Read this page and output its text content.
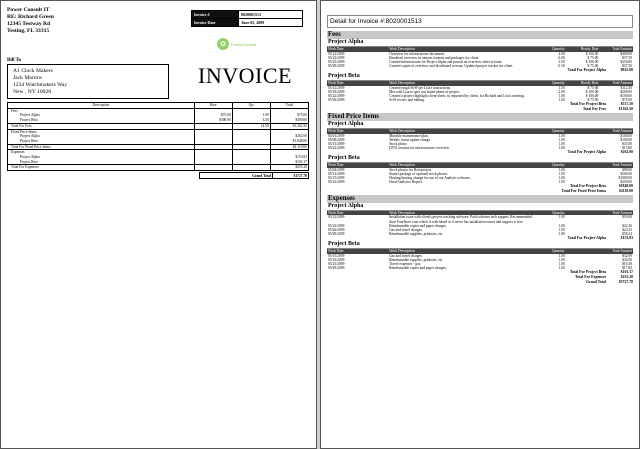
Power Consult IT
RE: Richard Green
12345 Testway Rd
Testing, FL 33315
Invoice #	8020001513
Invoice Date	June 02, 2009
✿	PowerConsult
Bill To
A1 Clock Makers
Jack Marrow
1234 Watchmakers Way
New , NY 10028
INVOICE
Description	Rate	Qty	Total
Fees			
Project Alpha	$75.00	1.00	$75.00
Project Beta	$300.00	3.50	$300.00
Total For Fees		14.50	$1,362.50
Fixed Price Items			
Project Alpha			$262.00
Project Beta			$1,848.00
Total For Fixed Price Items			$2,110.00
Expenses			
Project Alpha			$153.83
Project Beta			$101.37
Total For Expenses			$255.20
Grand Total	$3727.70
Detail for Invoice #:8020001513
Fees
Project Alpha
Work Date	Work Description	Quantity	Hourly Rate	Total Amount
05/12/2009	Overview for infrastructure document.	4.00	$ 100.00	$400.00
05/22/2009	Rendered overview in various formats and packages for client	6.00	$ 75.00	$37.50
05/25/2009	Created infrastructure for Project Alpha and passed on overview sheet to team.	3.50	$ 100.00	$350.00
05/29/2009	Created copies of overview and distributed to team. Updated project tracker for client.	0.50	$ 75.00	$37.50
Total For Project Alpha	$825.00
Project Beta
Work Date	Work Description	Quantity	Hourly Rate	Total Amount
05/12/2009	Created rough SoW per Lisa's instructions.	1.50	$ 75.00	$112.50
05/18/2009	Met with Lisa to spec out future phase of project.	2.00	$ 100.00	$200.00
05/22/2009	Created a project highlight client-sheet, as requested by client, for Richard and Lisa's meeting.	1.00	$ 100.00	$100.00
05/30/2009	SoW review and editing.	1.00	$ 75.00	$75.00
Total For Project Beta	$537.50
Total For Fees	$1362.50
Fixed Price Items
Project Alpha
Work Date	Work Description	Quantity		Total Amount
05/01/2009	Monthly maintenance plan.	1.00		$100.00
05/08/2009	Weekly status update charge.	1.00		$100.00
05/13/2009	Stock photo.	1.00		$47.00
05/22/2009	DVD creation for infrastructure overview.	1.00		$15.00
Total For Project Alpha	$262.00
Project Beta
Work Date	Work Description	Quantity		Total Amount
05/04/2009	Stock photos for Beta project.	1.00		$98.00
05/12/2009	Starter package of optional stock photos.	1.00		$500.00
05/15/2009	Hosting/hosting change for use of our Analytic software.	1.00		$1000.00
05/22/2009	Final Analytics Report.	1.00		$250.00
Total For Project Beta	$1848.00
Total For Fixed Price Items	$2110.00
Expenses
Project Alpha
Work Date	Work Description	Quantity		Total Amount
05/12/2009	Installation issue with client's project tracking software. Paid software tech support. Recommended their YourStore.com which is web based so it never has installation issues and support is free.	1.00		$50.00
05/22/2009	Reimbursable copier and paper charges.	1.00		$22.26
05/26/2009	Gas and travel charges.	1.00		$23.23
05/29/2009	Reimbursable supplies, printouts, etc.	1.00		$58.34
Total For Project Alpha	$153.83
Project Beta
Work Date	Work Description	Quantity		Total Amount
05/15/2009	Gas and travel charges.	1.00		$32.99
05/16/2009	Reimbursable supplies, printouts, etc.	1.00		$34.56
05/23/2009	Travel expenses - gas.	1.00		$16.38
05/29/2009	Reimbursable copier and paper charges.	1.00		$17.84
Total For Project Beta	$101.37
Total For Expenses	$255.20
Grand Total	$3727.70
